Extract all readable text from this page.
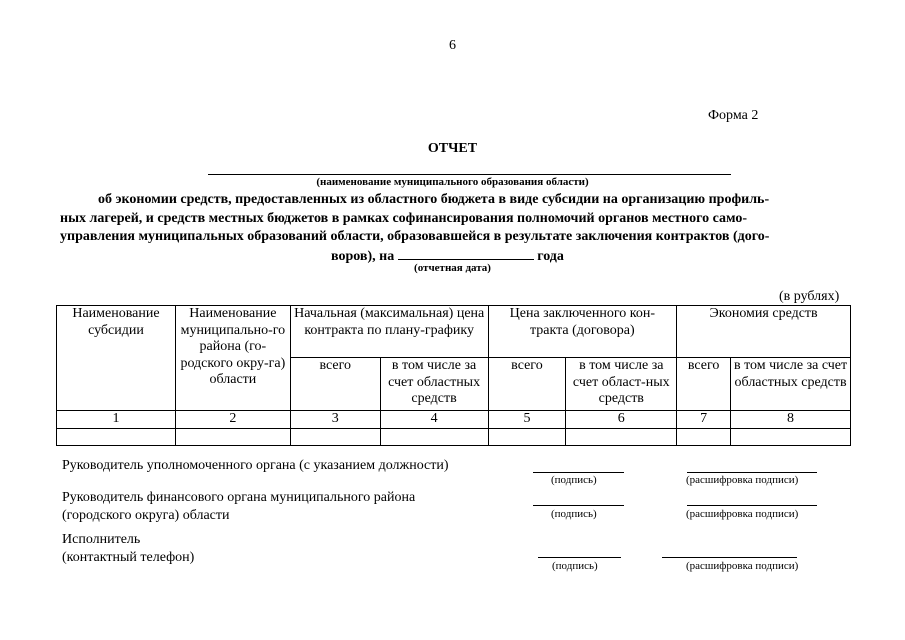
6
Форма 2
ОТЧЕТ
(наименование муниципального образования области)
об экономии средств, предоставленных из областного бюджета в виде субсидии на организацию профиль-
ных лагерей, и средств местных бюджетов в рамках софинансирования полномочий органов местного само-
управления муниципальных образований области, образовавшейся в результате заключения контрактов (дого-
воров), на	года
(отчетная дата)
(в рублях)
Наименование субсидии	Наименование муниципально-го района (го-родского окру-га) области	Начальная (максимальная) цена контракта по плану-графику		Цена заключенного кон-тракта (договора)		Экономия средств	
		всего	в том числе за счет областных средств	всего	в том числе за счет област-ных средств	всего	в том числе за счет областных средств
1	2	3	4	5	6	7	8

Руководитель уполномоченного органа (с указанием должности)
(подпись)	(расшифровка подписи)
Руководитель финансового органа муниципального района
(городского округа) области	(подпись)	(расшифровка подписи)
Исполнитель
(контактный телефон)
(подпись)	(расшифровка подписи)
